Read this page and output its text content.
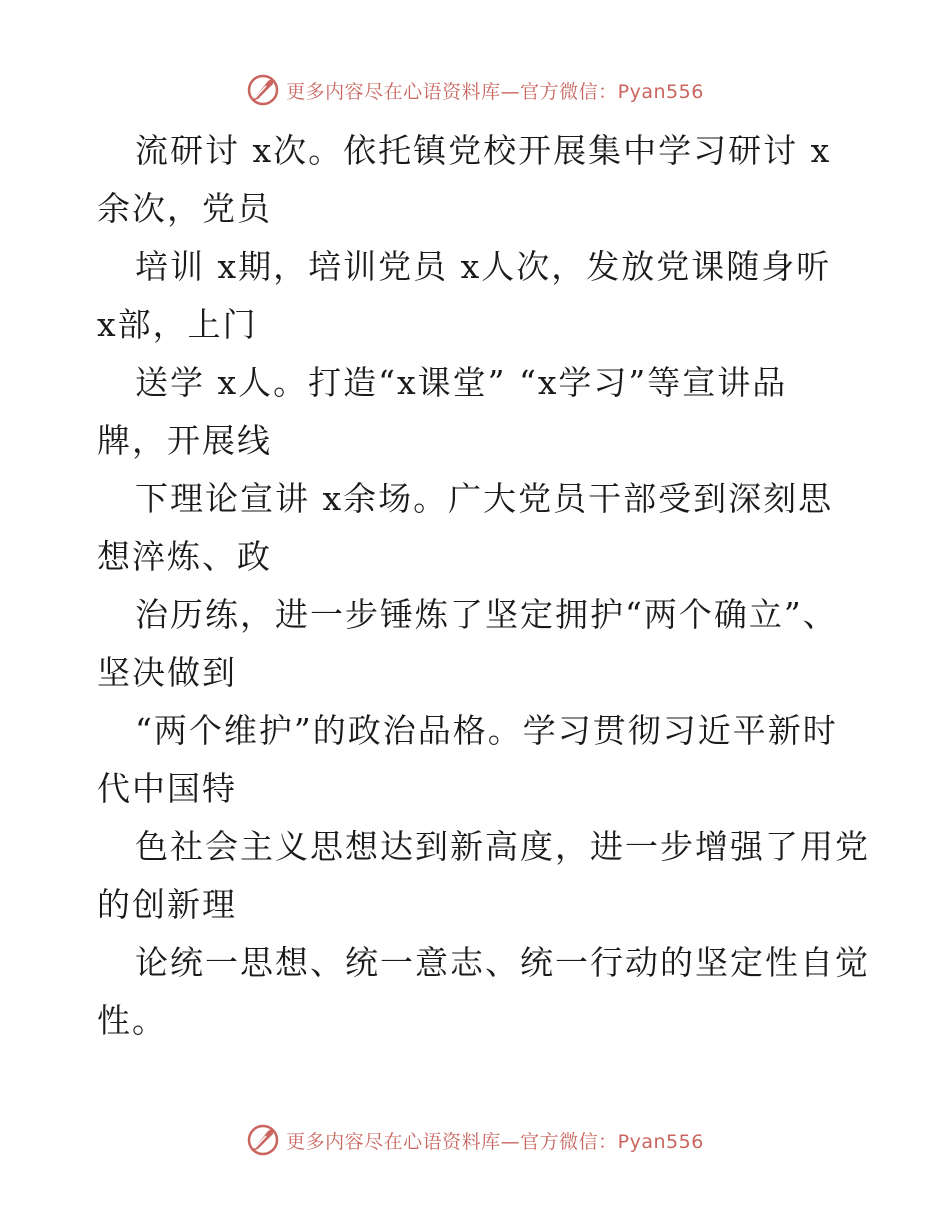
更多内容尽在心语资料库—官方微信：Pyan556
流研讨 x次。依托镇党校开展集中学习研讨 x
余次，党员
培训 x期，培训党员 x人次，发放党课随身听
x部，上门
送学 x人。打造“x课堂” “x学习”等宣讲品
牌，开展线
下理论宣讲 x余场。广大党员干部受到深刻思
想淬炼、政
治历练，进一步锤炼了坚定拥护“两个确立”、
坚决做到
“两个维护”的政治品格。学习贯彻习近平新时
代中国特
色社会主义思想达到新高度，进一步增强了用党
的创新理
论统一思想、统一意志、统一行动的坚定性自觉
性。
更多内容尽在心语资料库—官方微信：Pyan556
